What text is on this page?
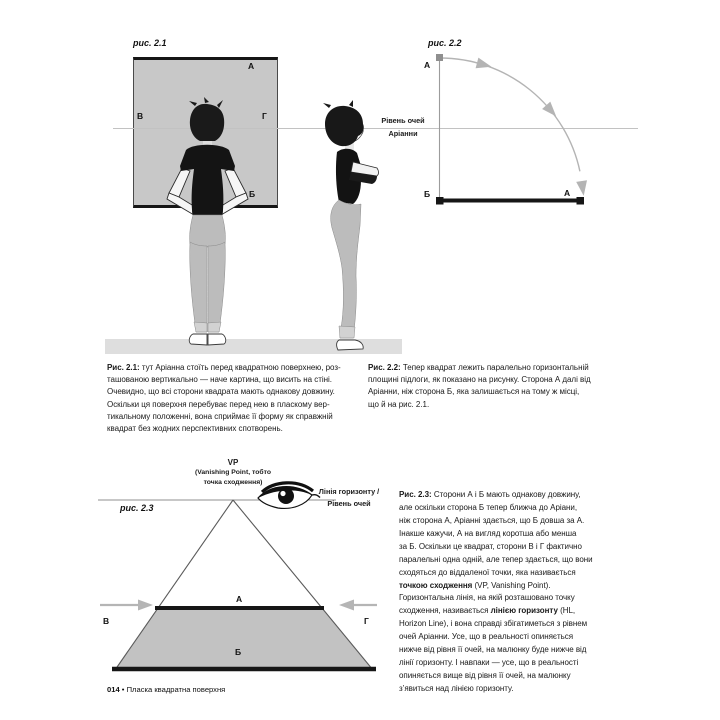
рис. 2.1
А
В	Г
Б
рис. 2.2
А
Б	А
Рівень очей
Аріанни
Рис. 2.1: тут Аріанна стоїть перед квадратною поверхнею, роз-
ташованою вертикально — наче картина, що висить на стіні.
Очевидно, що всі сторони квадрата мають однакову довжину.
Оскільки ця поверхня перебуває перед нею в пласкому вер-
тикальному положенні, вона сприймає її форму як справжній
квадрат без жодних перспективних спотворень.
Рис. 2.2: Тепер квадрат лежить паралельно горизонтальній
площині підлоги, як показано на рисунку. Сторона А далі від
Аріанни, ніж сторона Б, яка залишається на тому ж місці,
що й на рис. 2.1.
VP
(Vanishing Point, тобто
точка сходження)
рис. 2.3
Лінія горизонту /
Рівень очей
А
Б
В	Г
Рис. 2.3: Сторони А і Б мають однакову довжину,
але оскільки сторона Б тепер ближча до Аріани,
ніж сторона А, Аріанні здається, що Б довша за А.
Інакше кажучи, А на вигляд коротша або менша
за Б. Оскільки це квадрат, сторони В і Г фактично
паралельні одна одній, але тепер здається, що вони
сходяться до віддаленої точки, яка називається
точкою сходження (VP, Vanishing Point).
Горизонтальна лінія, на якій розташовано точку
сходження, називається лінією горизонту (HL,
Horizon Line), і вона справді збігатиметься з рівнем
очей Аріанни. Усе, що в реальності опиняється
нижче від рівня її очей, на малюнку буде нижче від
лінії горизонту. І навпаки — усе, що в реальності
опиняється вище від рівня її очей, на малюнку
з’явиться над лінією горизонту.
014 • Пласка квадратна поверхня
